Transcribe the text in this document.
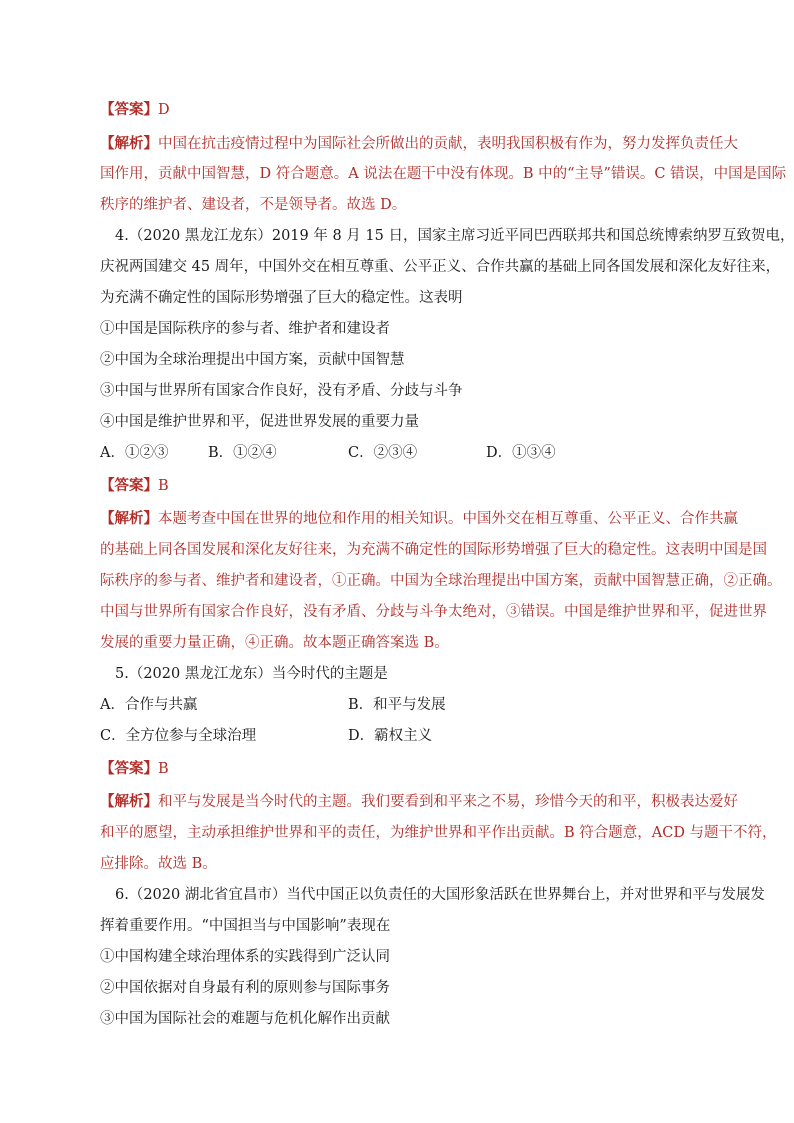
【答案】D
【解析】中国在抗击疫情过程中为国际社会所做出的贡献，表明我国积极有作为，努力发挥负责任大
国作用，贡献中国智慧，D 符合题意。A 说法在题干中没有体现。B 中的“主导”错误。C 错误，中国是国际
秩序的维护者、建设者，不是领导者。故选 D。
4.（2020 黑龙江龙东）2019 年 8 月 15 日，国家主席习近平同巴西联邦共和国总统博索纳罗互致贺电，
庆祝两国建交 45 周年，中国外交在相互尊重、公平正义、合作共赢的基础上同各国发展和深化友好往来，
为充满不确定性的国际形势增强了巨大的稳定性。这表明
①中国是国际秩序的参与者、维护者和建设者
②中国为全球治理提出中国方案，贡献中国智慧
③中国与世界所有国家合作良好，没有矛盾、分歧与斗争
④中国是维护世界和平，促进世界发展的重要力量
A．①②③	B．①②④	C．②③④	D．①③④
【答案】B
【解析】本题考查中国在世界的地位和作用的相关知识。中国外交在相互尊重、公平正义、合作共赢
的基础上同各国发展和深化友好往来，为充满不确定性的国际形势增强了巨大的稳定性。这表明中国是国
际秩序的参与者、维护者和建设者，①正确。中国为全球治理提出中国方案，贡献中国智慧正确，②正确。
中国与世界所有国家合作良好，没有矛盾、分歧与斗争太绝对，③错误。中国是维护世界和平，促进世界
发展的重要力量正确，④正确。故本题正确答案选 B。
5.（2020 黑龙江龙东）当今时代的主题是
A．合作与共赢	B．和平与发展
C．全方位参与全球治理	D．霸权主义
【答案】B
【解析】和平与发展是当今时代的主题。我们要看到和平来之不易，珍惜今天的和平，积极表达爱好
和平的愿望，主动承担维护世界和平的责任，为维护世界和平作出贡献。B 符合题意，ACD 与题干不符，
应排除。故选 B。
6.（2020 湖北省宜昌市）当代中国正以负责任的大国形象活跃在世界舞台上，并对世界和平与发展发
挥着重要作用。“中国担当与中国影响”表现在
①中国构建全球治理体系的实践得到广泛认同
②中国依据对自身最有利的原则参与国际事务
③中国为国际社会的难题与危机化解作出贡献
